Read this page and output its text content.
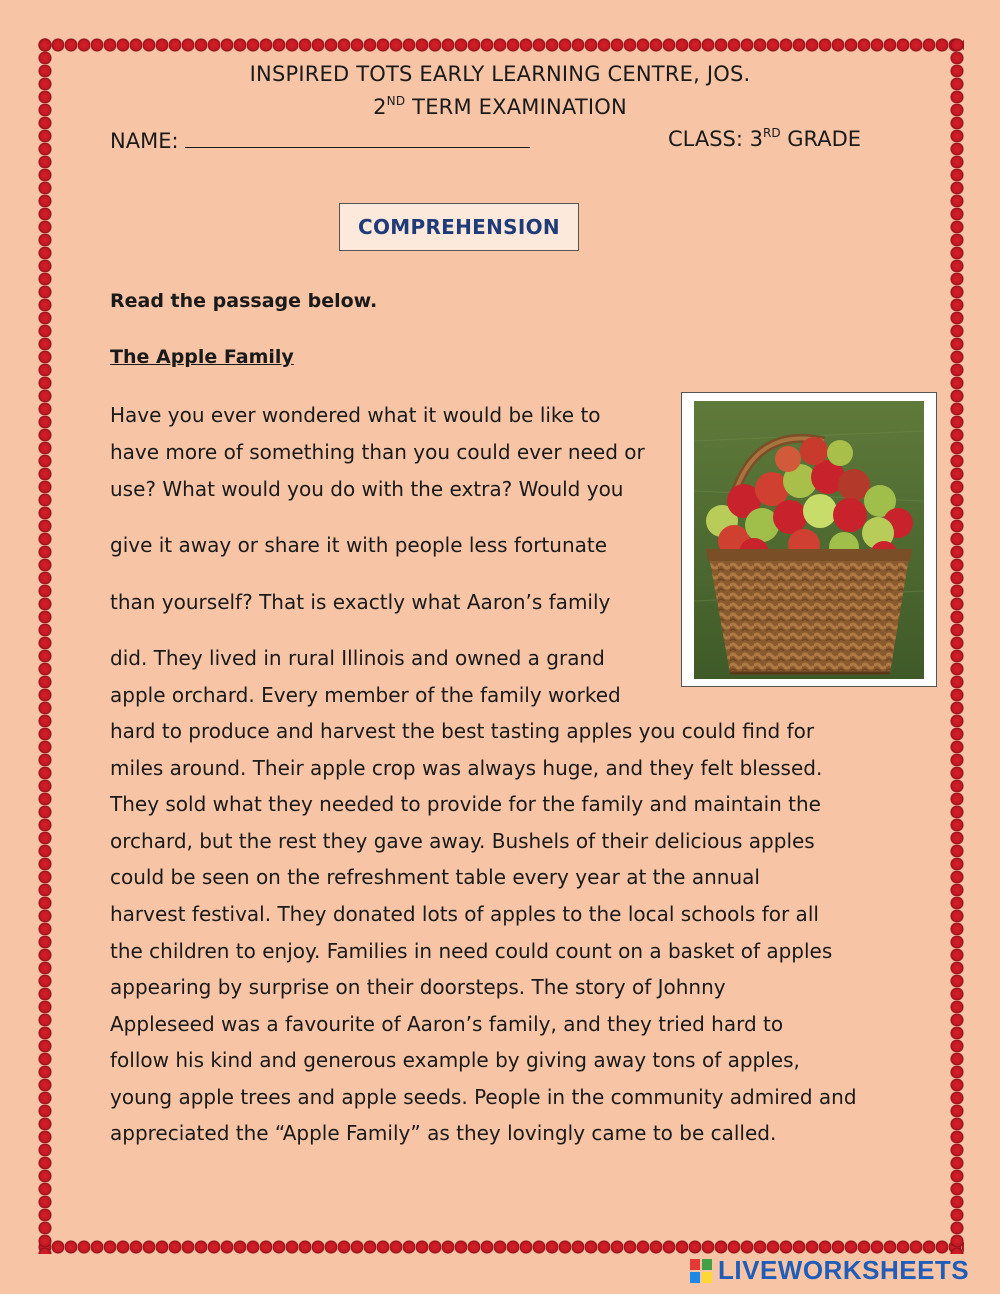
INSPIRED TOTS EARLY LEARNING CENTRE, JOS.
2ND TERM EXAMINATION
NAME:	CLASS: 3RD GRADE
COMPREHENSION
Read the passage below.
The Apple Family
Have you ever wondered what it would be like to
have more of something than you could ever need or
use? What would you do with the extra? Would you
give it away or share it with people less fortunate
than yourself? That is exactly what Aaron’s family
did. They lived in rural Illinois and owned a grand
apple orchard. Every member of the family worked
hard to produce and harvest the best tasting apples you could find for
miles around. Their apple crop was always huge, and they felt blessed.
They sold what they needed to provide for the family and maintain the
orchard, but the rest they gave away. Bushels of their delicious apples
could be seen on the refreshment table every year at the annual
harvest festival. They donated lots of apples to the local schools for all
the children to enjoy. Families in need could count on a basket of apples
appearing by surprise on their doorsteps. The story of Johnny
Appleseed was a favourite of Aaron’s family, and they tried hard to
follow his kind and generous example by giving away tons of apples,
young apple trees and apple seeds. People in the community admired and
appreciated the “Apple Family” as they lovingly came to be called.
LIVEWORKSHEETS
